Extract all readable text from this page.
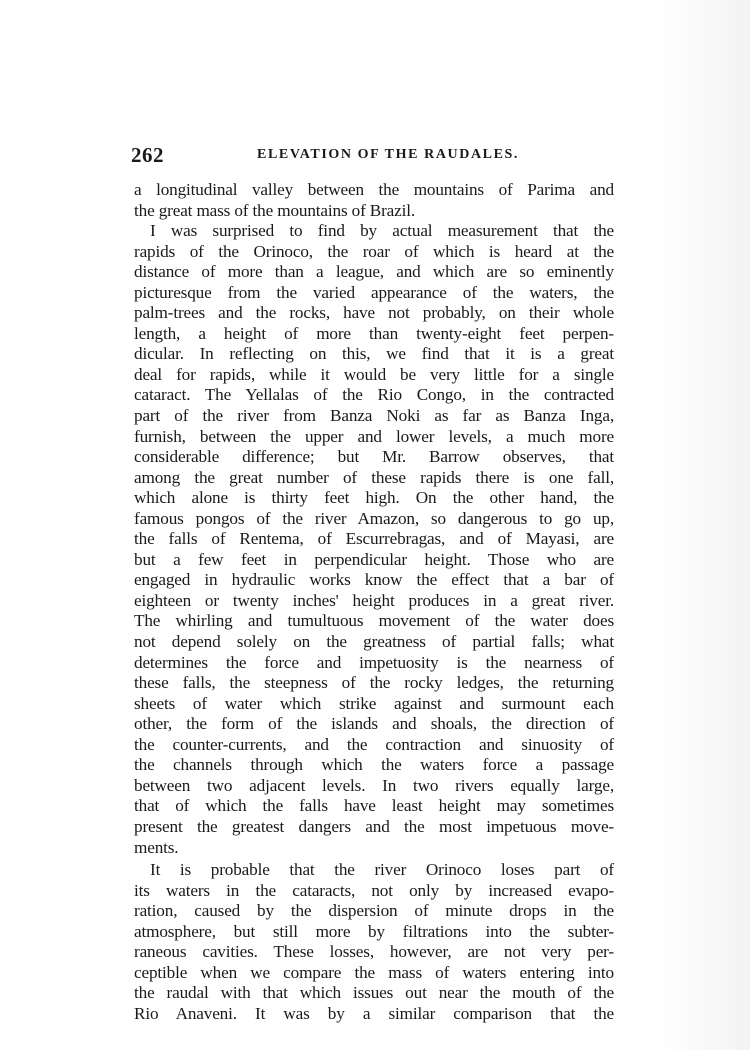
262	ELEVATION OF THE RAUDALES.
a longitudinal valley between the mountains of Parima and
the great mass of the mountains of Brazil.
I was surprised to find by actual measurement that the
rapids of the Orinoco, the roar of which is heard at the
distance of more than a league, and which are so eminently
picturesque from the varied appearance of the waters, the
palm-trees and the rocks, have not probably, on their whole
length, a height of more than twenty-eight feet perpen-
dicular. In reflecting on this, we find that it is a great
deal for rapids, while it would be very little for a single
cataract. The Yellalas of the Rio Congo, in the contracted
part of the river from Banza Noki as far as Banza Inga,
furnish, between the upper and lower levels, a much more
considerable difference; but Mr. Barrow observes, that
among the great number of these rapids there is one fall,
which alone is thirty feet high. On the other hand, the
famous pongos of the river Amazon, so dangerous to go up,
the falls of Rentema, of Escurrebragas, and of Mayasi, are
but a few feet in perpendicular height. Those who are
engaged in hydraulic works know the effect that a bar of
eighteen or twenty inches' height produces in a great river.
The whirling and tumultuous movement of the water does
not depend solely on the greatness of partial falls; what
determines the force and impetuosity is the nearness of
these falls, the steepness of the rocky ledges, the returning
sheets of water which strike against and surmount each
other, the form of the islands and shoals, the direction of
the counter-currents, and the contraction and sinuosity of
the channels through which the waters force a passage
between two adjacent levels. In two rivers equally large,
that of which the falls have least height may sometimes
present the greatest dangers and the most impetuous move-
ments.
It is probable that the river Orinoco loses part of
its waters in the cataracts, not only by increased evapo-
ration, caused by the dispersion of minute drops in the
atmosphere, but still more by filtrations into the subter-
raneous cavities. These losses, however, are not very per-
ceptible when we compare the mass of waters entering into
the raudal with that which issues out near the mouth of the
Rio Anaveni. It was by a similar comparison that the
